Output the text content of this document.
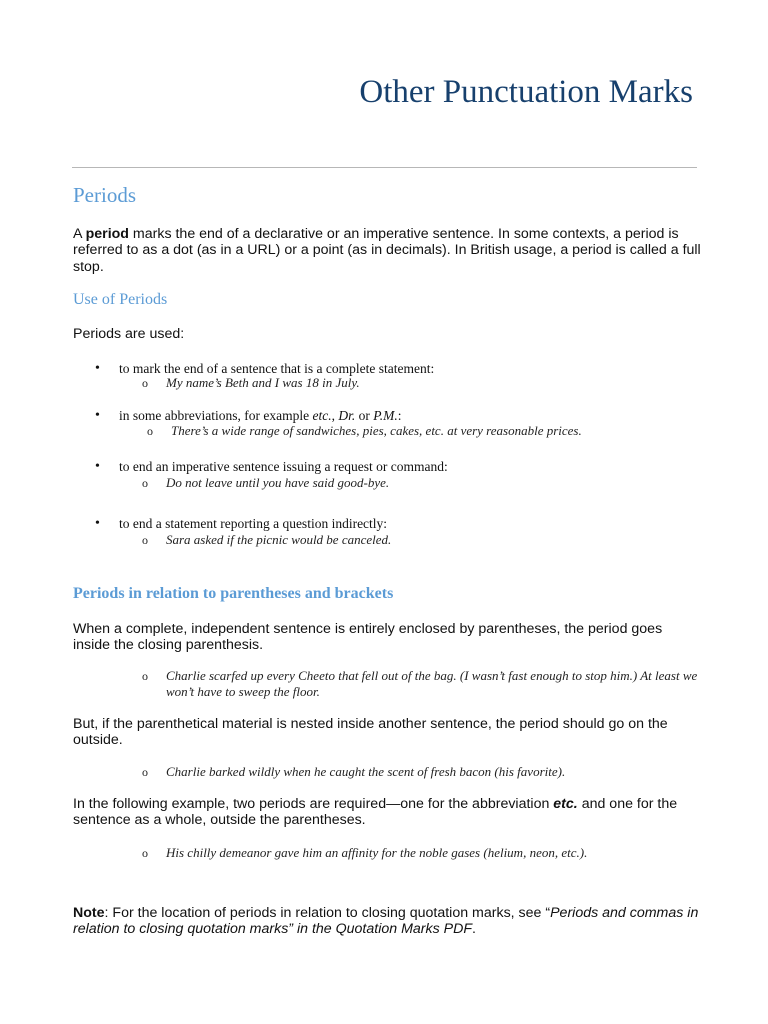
Other Punctuation Marks
Periods

A period marks the end of a declarative or an imperative sentence. In some contexts, a period is referred to as a dot (as in a URL) or a point (as in decimals). In British usage, a period is called a full stop.

Use of Periods

Periods are used:

• to mark the end of a sentence that is a complete statement:
o My name’s Beth and I was 18 in July.
• in some abbreviations, for example etc., Dr. or P.M.:
o There’s a wide range of sandwiches, pies, cakes, etc. at very reasonable prices.
• to end an imperative sentence issuing a request or command:
o Do not leave until you have said good-bye.
• to end a statement reporting a question indirectly:
o Sara asked if the picnic would be canceled.
Periods in relation to parentheses and brackets

When a complete, independent sentence is entirely enclosed by parentheses, the period goes inside the closing parenthesis.

o Charlie scarfed up every Cheeto that fell out of the bag. (I wasn’t fast enough to stop him.) At least we won’t have to sweep the floor.

But, if the parenthetical material is nested inside another sentence, the period should go on the outside.

o Charlie barked wildly when he caught the scent of fresh bacon (his favorite).

In the following example, two periods are required—one for the abbreviation etc. and one for the sentence as a whole, outside the parentheses.

o His chilly demeanor gave him an affinity for the noble gases (helium, neon, etc.).

Note: For the location of periods in relation to closing quotation marks, see “Periods and commas in relation to closing quotation marks” in the Quotation Marks PDF.
